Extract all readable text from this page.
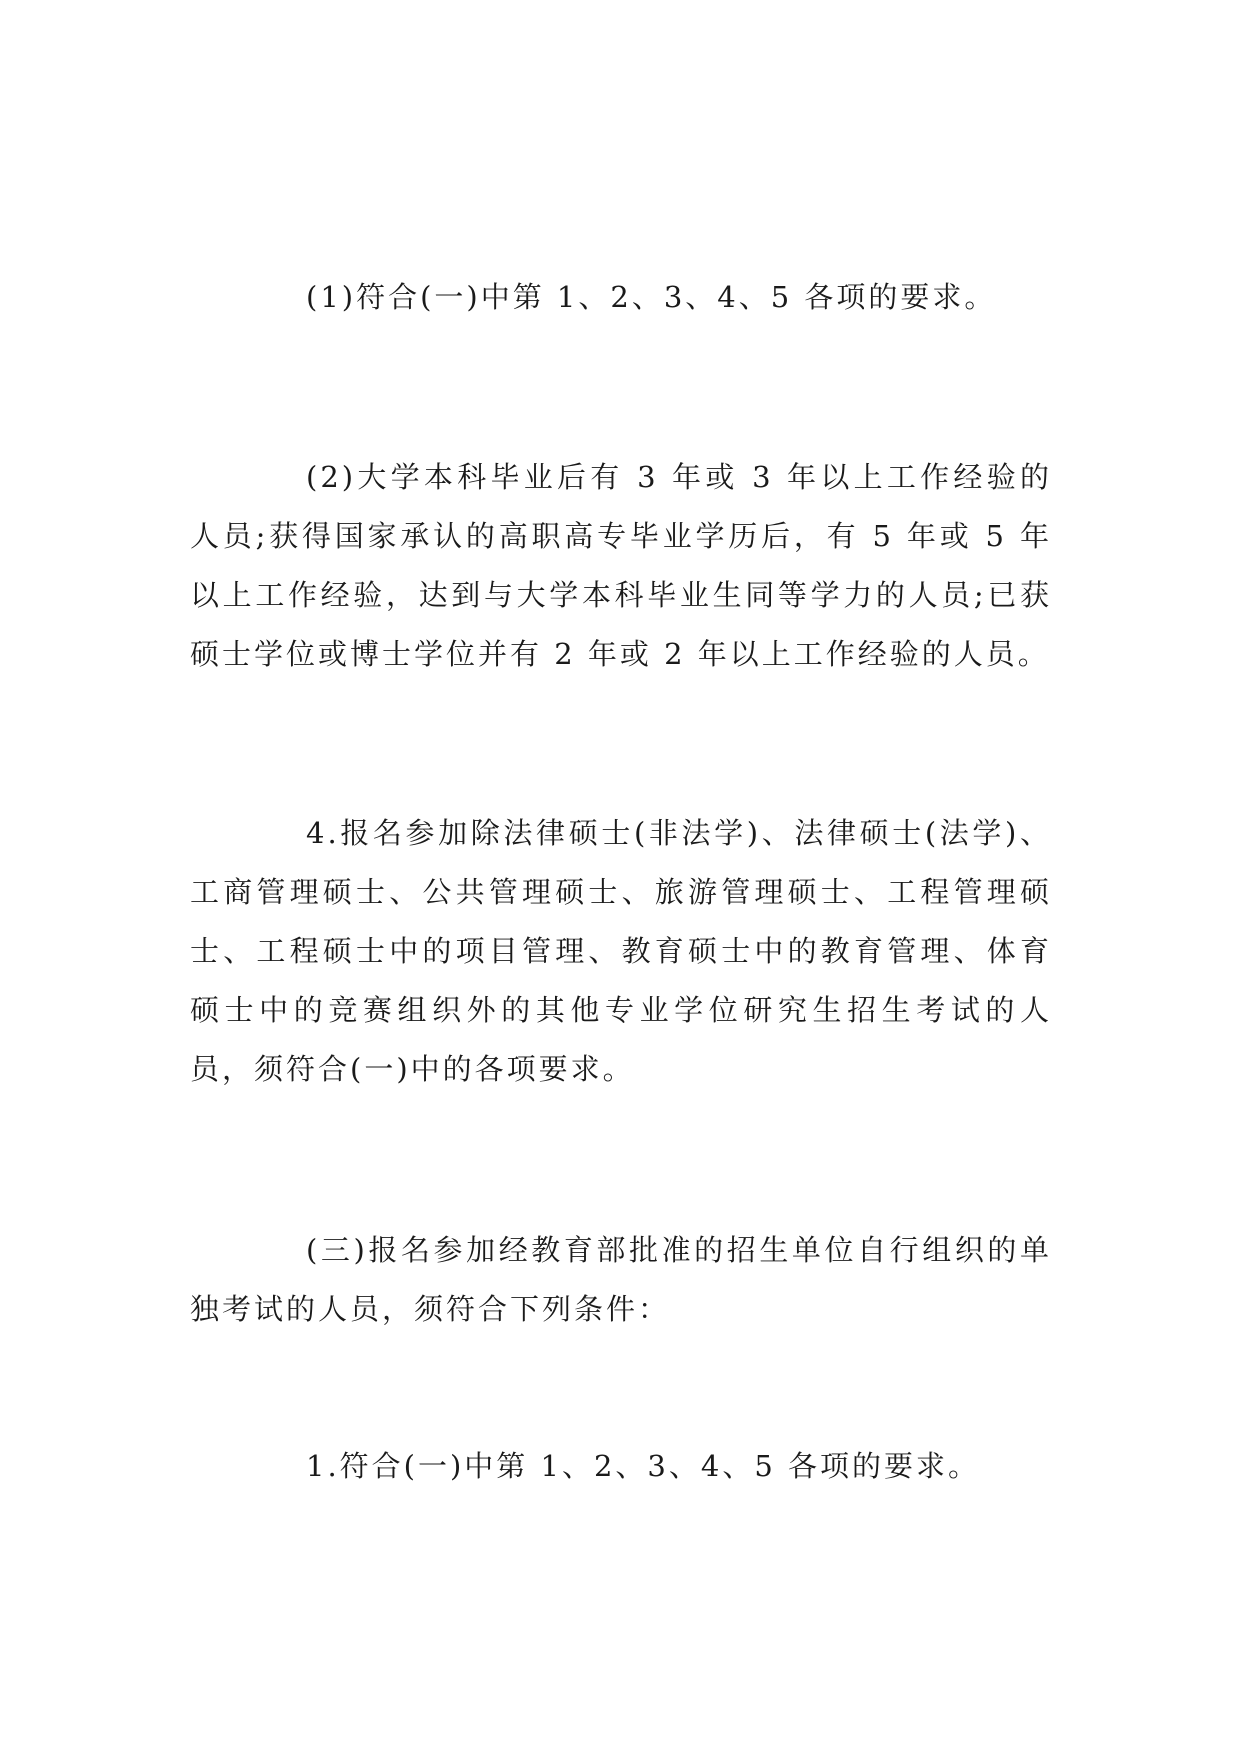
(1)符合(一)中第 1、2、3、4、5 各项的要求。

(2)大学本科毕业后有 3 年或 3 年以上工作经验的人员;获得国家承认的高职高专毕业学历后，有 5 年或 5 年以上工作经验，达到与大学本科毕业生同等学力的人员;已获硕士学位或博士学位并有 2 年或 2 年以上工作经验的人员。

4.报名参加除法律硕士(非法学)、法律硕士(法学)、工商管理硕士、公共管理硕士、旅游管理硕士、工程管理硕士、工程硕士中的项目管理、教育硕士中的教育管理、体育硕士中的竞赛组织外的其他专业学位研究生招生考试的人员，须符合(一)中的各项要求。

(三)报名参加经教育部批准的招生单位自行组织的单独考试的人员，须符合下列条件：

1.符合(一)中第 1、2、3、4、5 各项的要求。
